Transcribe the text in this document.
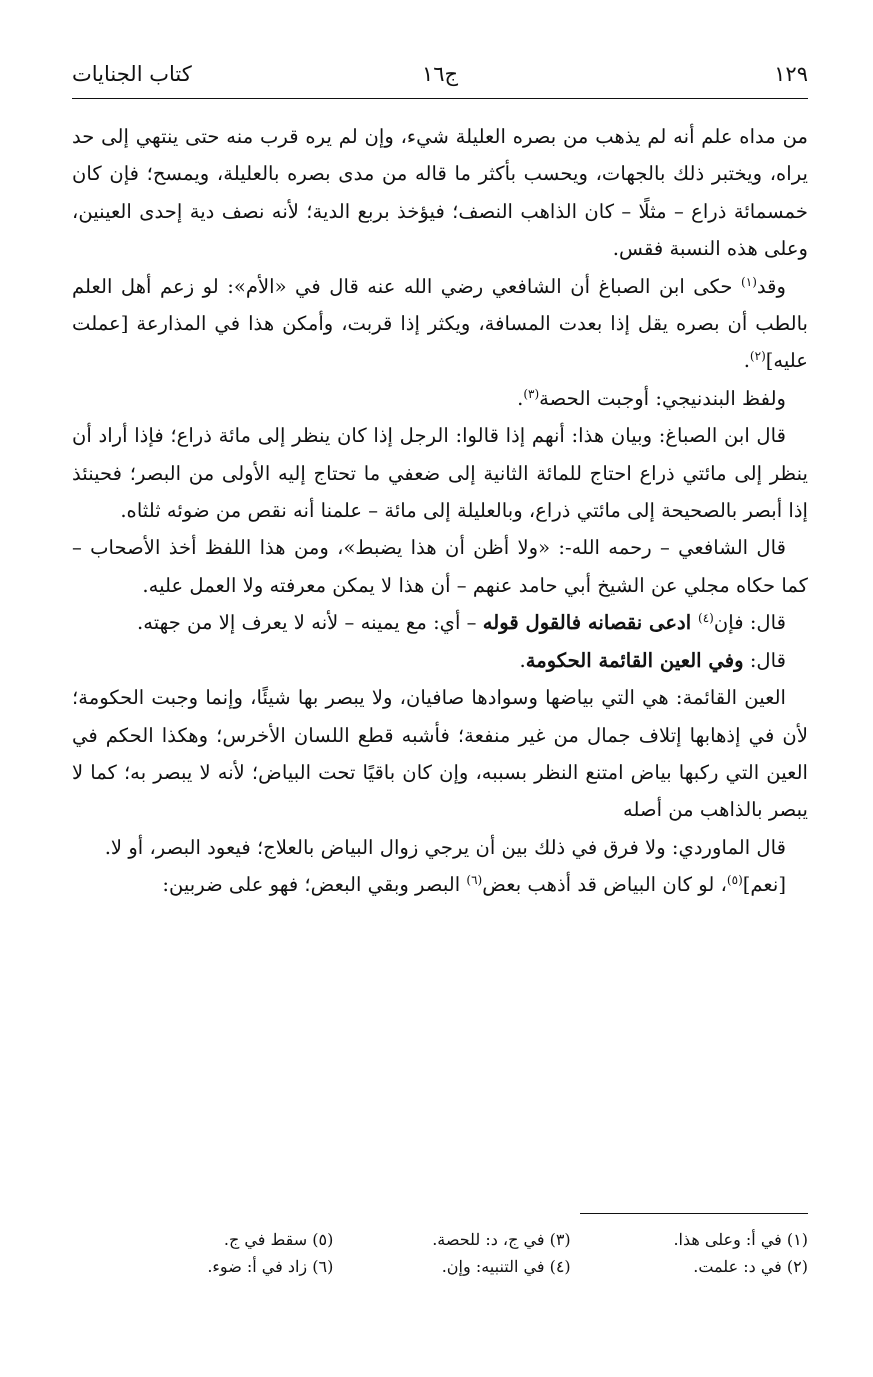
١٢٩
ج١٦
كتاب الجنايات

من مداه علم أنه لم يذهب من بصره العليلة شيء، وإن لم يره قرب منه حتى ينتهي إلى حد يراه، ويختبر ذلك بالجهات، ويحسب بأكثر ما قاله من مدى بصره بالعليلة، ويمسح؛ فإن كان خمسمائة ذراع – مثلًا – كان الذاهب النصف؛ فيؤخذ بربع الدية؛ لأنه نصف دية إحدى العينين، وعلى هذه النسبة فقس.

وقد$^{(١)}$ حكى ابن الصباغ أن الشافعي رضي الله عنه قال في «الأم»: لو زعم أهل العلم بالطب أن بصره يقل إذا بعدت المسافة، ويكثر إذا قربت، وأمكن هذا في المذارعة [عملت عليه]$^{(٢)}$.

ولفظ البندنيجي: أوجبت الحصة$^{(٣)}$.

قال ابن الصباغ: وبيان هذا: أنهم إذا قالوا: الرجل إذا كان ينظر إلى مائة ذراع؛ فإذا أراد أن ينظر إلى مائتي ذراع احتاج للمائة الثانية إلى ضعفي ما تحتاج إليه الأولى من البصر؛ فحينئذ إذا أبصر بالصحيحة إلى مائتي ذراع، وبالعليلة إلى مائة – علمنا أنه نقص من ضوئه ثلثاه.

قال الشافعي – رحمه الله-: «ولا أظن أن هذا يضبط»، ومن هذا اللفظ أخذ الأصحاب – كما حكاه مجلي عن الشيخ أبي حامد عنهم – أن هذا لا يمكن معرفته ولا العمل عليه.

قال: فإن$^{(٤)}$ ادعى نقصانه فالقول قوله – أي: مع يمينه – لأنه لا يعرف إلا من جهته.

قال: وفي العين القائمة الحكومة.

العين القائمة: هي التي بياضها وسوادها صافيان، ولا يبصر بها شيئًا، وإنما وجبت الحكومة؛ لأن في إذهابها إتلاف جمال من غير منفعة؛ فأشبه قطع اللسان الأخرس؛ وهكذا الحكم في العين التي ركبها بياض امتنع النظر بسببه، وإن كان باقيًا تحت البياض؛ لأنه لا يبصر به؛ كما لا يبصر بالذاهب من أصله

قال الماوردي: ولا فرق في ذلك بين أن يرجي زوال البياض بالعلاج؛ فيعود البصر، أو لا.

[نعم]$^{(٥)}$، لو كان البياض قد أذهب بعض$^{(٦)}$ البصر وبقي البعض؛ فهو على ضربين:

(١) في أ: وعلى هذا.
(٣) في ج، د: للحصة.
(٥) سقط في ج.
(٢) في د: علمت.
(٤) في التنبيه: وإن.
(٦) زاد في أ: ضوء.
